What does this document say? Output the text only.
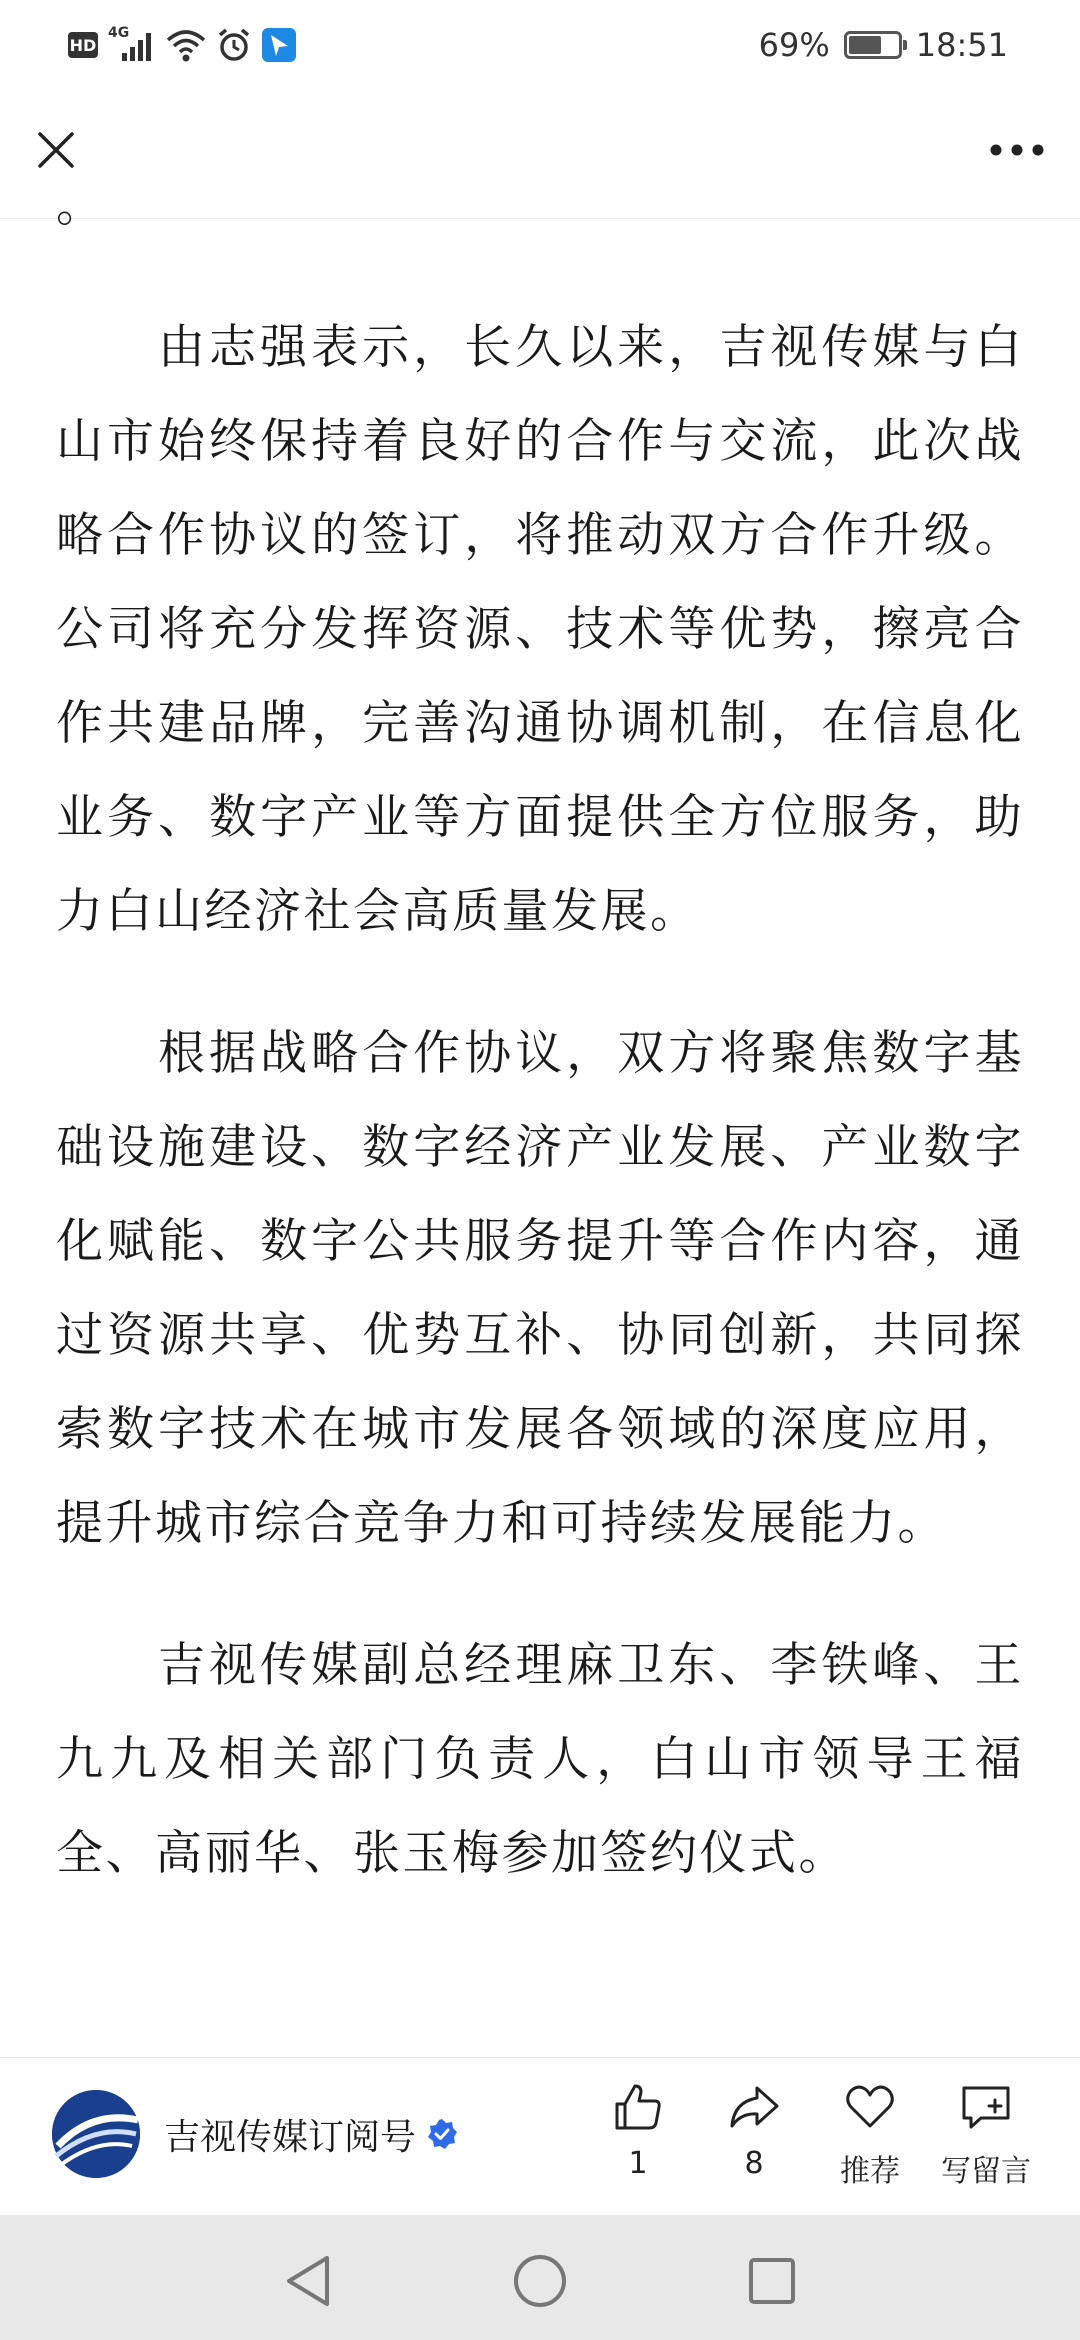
HD
4G	69%	18:51

。

由志强表示，长久以来，吉视传媒与白山市始终保持着良好的合作与交流，此次战略合作协议的签订，将推动双方合作升级。公司将充分发挥资源、技术等优势，擦亮合作共建品牌，完善沟通协调机制，在信息化业务、数字产业等方面提供全方位服务，助力白山经济社会高质量发展。

根据战略合作协议，双方将聚焦数字基础设施建设、数字经济产业发展、产业数字化赋能、数字公共服务提升等合作内容，通过资源共享、优势互补、协同创新，共同探索数字技术在城市发展各领域的深度应用，提升城市综合竞争力和可持续发展能力。

吉视传媒副总经理麻卫东、李铁峰、王九九及相关部门负责人，白山市领导王福全、高丽华、张玉梅参加签约仪式。

吉视传媒订阅号
1	8	推荐 写留言
